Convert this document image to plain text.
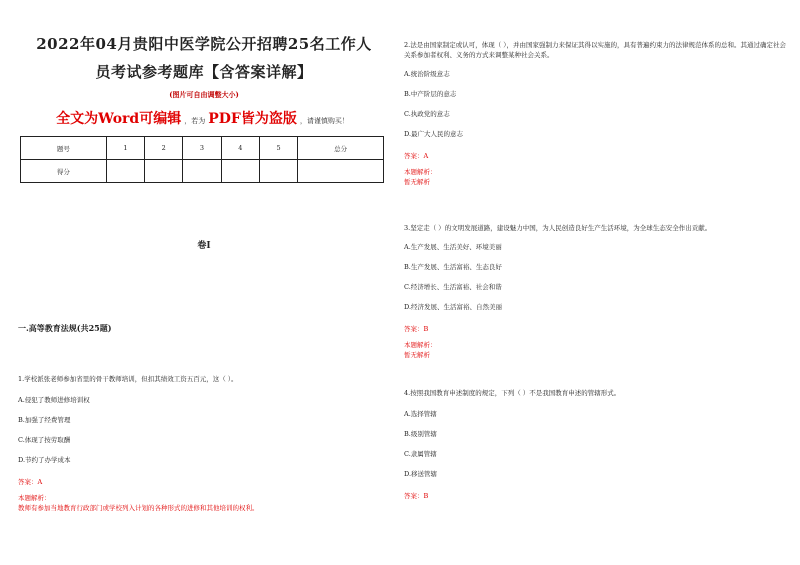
2022年04月贵阳中医学院公开招聘25名工作人
员考试参考题库【含答案详解】
(图片可自由调整大小)
全文为Word可编辑 ，若为 PDF皆为盗版 ，请谨慎购买！
题号	1	2	3	4	5	总分
得分						
卷I
一.高等教育法规(共25题)
1.学校派张老师参加省里的骨干教师培训，但扣其绩效工资五百元，这（ ）。
A.侵犯了教师进修培训权
B.加强了经费管理
C.体现了按劳取酬
D.节约了办学成本
答案：A
本题解析：
教师有参加当地教育行政部门或学校列入计划的各种形式的进修和其他培训的权利。
2.法是由国家制定或认可，体现（ ），并由国家强制力来保证其得以实施的，具有普遍约束力的法律规范体系的总和。其通过确定社会关系参加者权利、义务的方式来调整某种社会关系。
A.统治阶级意志
B.中产阶层的意志
C.执政党的意志
D.最广大人民的意志
答案：A
本题解析：
暂无解析
3.坚定走（ ）的文明发展道路，建设魅力中国，为人民创造良好生产生活环境，为全球生态安全作出贡献。
A.生产发展、生活美好、环境美丽
B.生产发展、生活富裕、生态良好
C.经济增长、生活富裕、社会和谐
D.经济发展、生活富裕、自然美丽
答案：B
本题解析：
暂无解析
4.按照我国教育申述制度的规定，下列（ ）不是我国教育申述的管辖形式。
A.选择管辖
B.级别管辖
C.隶属管辖
D.移送管辖
答案：B
